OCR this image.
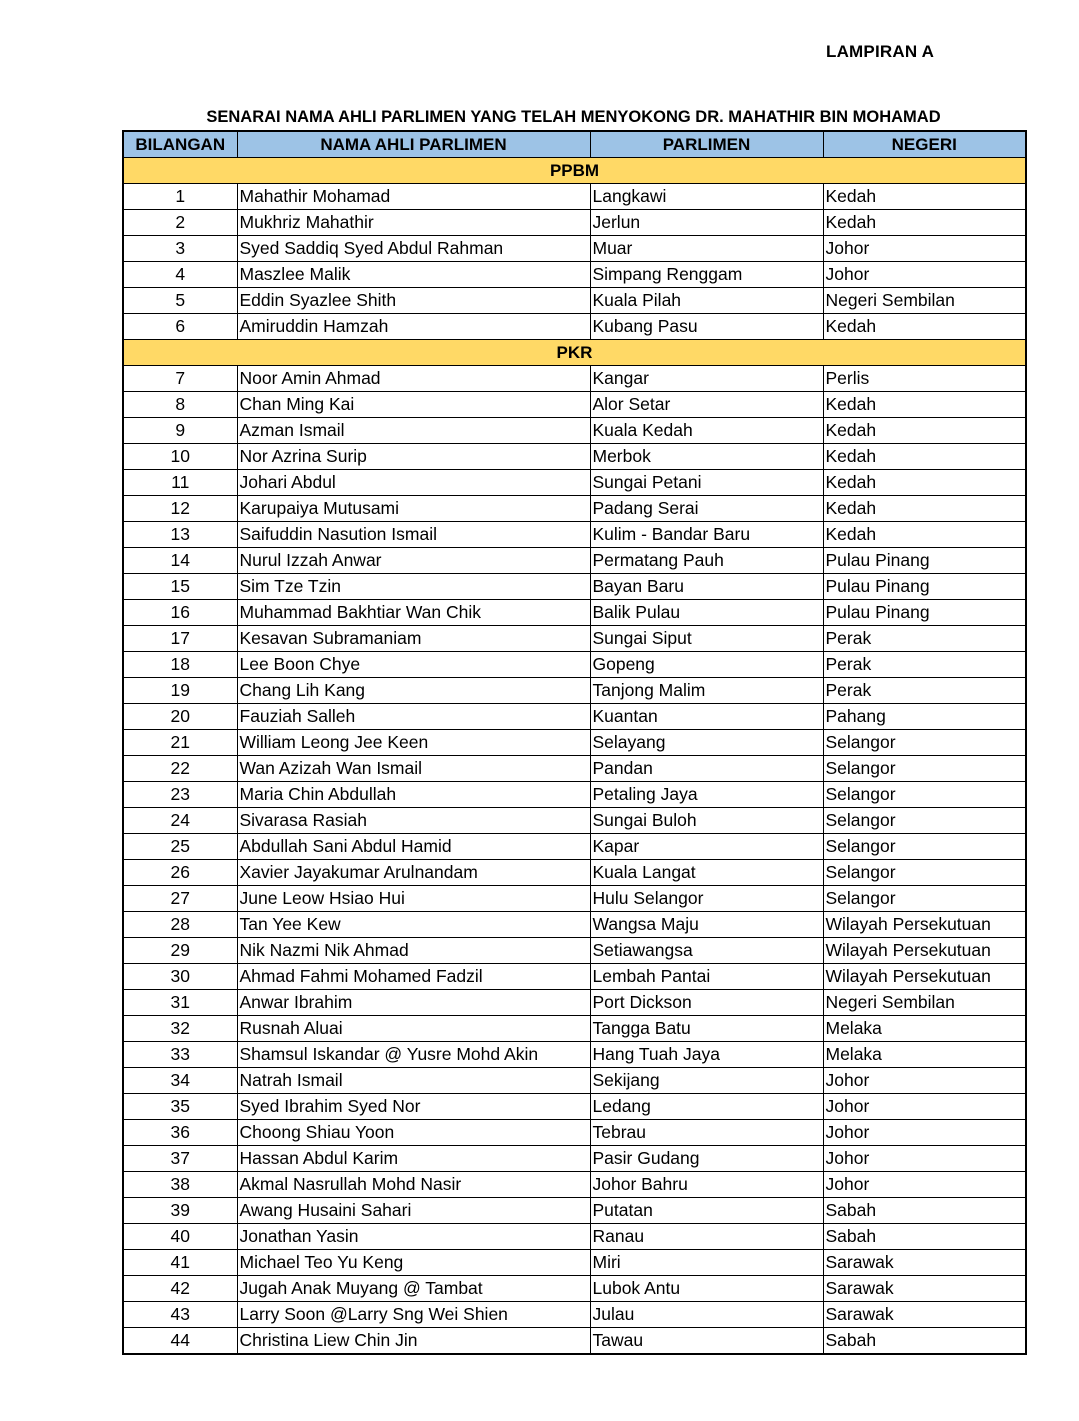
LAMPIRAN A
SENARAI NAMA AHLI PARLIMEN YANG TELAH MENYOKONG DR. MAHATHIR BIN MOHAMAD
BILANGAN	NAMA AHLI PARLIMEN	PARLIMEN	NEGERI
PPBM			
1	Mahathir Mohamad	Langkawi	Kedah
2	Mukhriz Mahathir	Jerlun	Kedah
3	Syed Saddiq Syed Abdul Rahman	Muar	Johor
4	Maszlee Malik	Simpang Renggam	Johor
5	Eddin Syazlee Shith	Kuala Pilah	Negeri Sembilan
6	Amiruddin Hamzah	Kubang Pasu	Kedah
PKR			
7	Noor Amin Ahmad	Kangar	Perlis
8	Chan Ming Kai	Alor Setar	Kedah
9	Azman Ismail	Kuala Kedah	Kedah
10	Nor Azrina Surip	Merbok	Kedah
11	Johari Abdul	Sungai Petani	Kedah
12	Karupaiya Mutusami	Padang Serai	Kedah
13	Saifuddin Nasution Ismail	Kulim - Bandar Baru	Kedah
14	Nurul Izzah Anwar	Permatang Pauh	Pulau Pinang
15	Sim Tze Tzin	Bayan Baru	Pulau Pinang
16	Muhammad Bakhtiar Wan Chik	Balik Pulau	Pulau Pinang
17	Kesavan Subramaniam	Sungai Siput	Perak
18	Lee Boon Chye	Gopeng	Perak
19	Chang Lih Kang	Tanjong Malim	Perak
20	Fauziah Salleh	Kuantan	Pahang
21	William Leong Jee Keen	Selayang	Selangor
22	Wan Azizah Wan Ismail	Pandan	Selangor
23	Maria Chin Abdullah	Petaling Jaya	Selangor
24	Sivarasa Rasiah	Sungai Buloh	Selangor
25	Abdullah Sani Abdul Hamid	Kapar	Selangor
26	Xavier Jayakumar Arulnandam	Kuala Langat	Selangor
27	June Leow Hsiao Hui	Hulu Selangor	Selangor
28	Tan Yee Kew	Wangsa Maju	Wilayah Persekutuan
29	Nik Nazmi Nik Ahmad	Setiawangsa	Wilayah Persekutuan
30	Ahmad Fahmi Mohamed Fadzil	Lembah Pantai	Wilayah Persekutuan
31	Anwar Ibrahim	Port Dickson	Negeri Sembilan
32	Rusnah Aluai	Tangga Batu	Melaka
33	Shamsul Iskandar @ Yusre Mohd Akin	Hang Tuah Jaya	Melaka
34	Natrah Ismail	Sekijang	Johor
35	Syed Ibrahim Syed Nor	Ledang	Johor
36	Choong Shiau Yoon	Tebrau	Johor
37	Hassan Abdul Karim	Pasir Gudang	Johor
38	Akmal Nasrullah Mohd Nasir	Johor Bahru	Johor
39	Awang Husaini Sahari	Putatan	Sabah
40	Jonathan Yasin	Ranau	Sabah
41	Michael Teo Yu Keng	Miri	Sarawak
42	Jugah Anak Muyang @ Tambat	Lubok Antu	Sarawak
43	Larry Soon @Larry Sng Wei Shien	Julau	Sarawak
44	Christina Liew Chin Jin	Tawau	Sabah
